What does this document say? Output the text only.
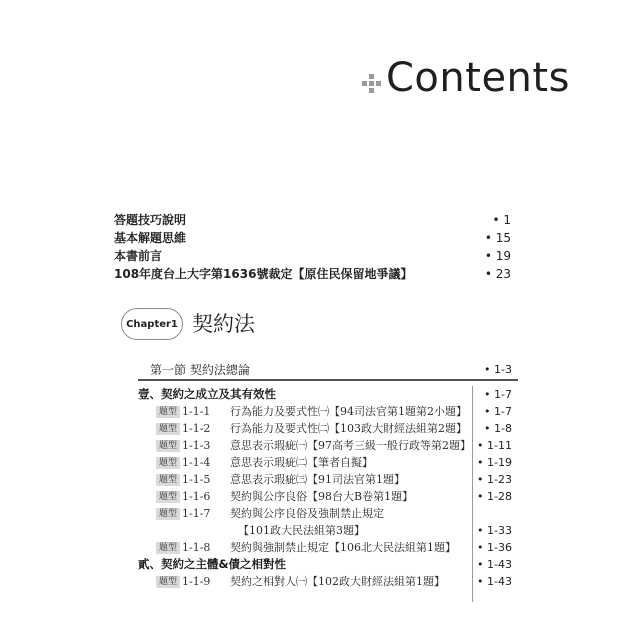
Contents
答題技巧說明	• 1
基本解題思維	• 15
本書前言	• 19
108年度台上大字第1636號裁定【原住民保留地爭議】	• 23
Chapter1 契約法
第一節 契約法總論	• 1-3
壹、契約之成立及其有效性	• 1-7
題型 1-1-1 行為能力及要式性㈠【94司法官第1題第2小題】 • 1-7
題型 1-1-2 行為能力及要式性㈡【103政大財經法組第2題】 • 1-8
題型 1-1-3 意思表示瑕疵㈠【97高考三級一般行政等第2題】 • 1-11
題型 1-1-4 意思表示瑕疵㈡【筆者自擬】	• 1-19
題型 1-1-5 意思表示瑕疵㈢【91司法官第1題】	• 1-23
題型 1-1-6 契約與公序良俗【98台大B卷第1題】	• 1-28
題型 1-1-7 契約與公序良俗及強制禁止規定
【101政大民法組第3題】	• 1-33
題型 1-1-8 契約與強制禁止規定【106北大民法組第1題】 • 1-36
貳、契約之主體&債之相對性	• 1-43
題型 1-1-9 契約之相對人㈠【102政大財經法組第1題】	• 1-43
